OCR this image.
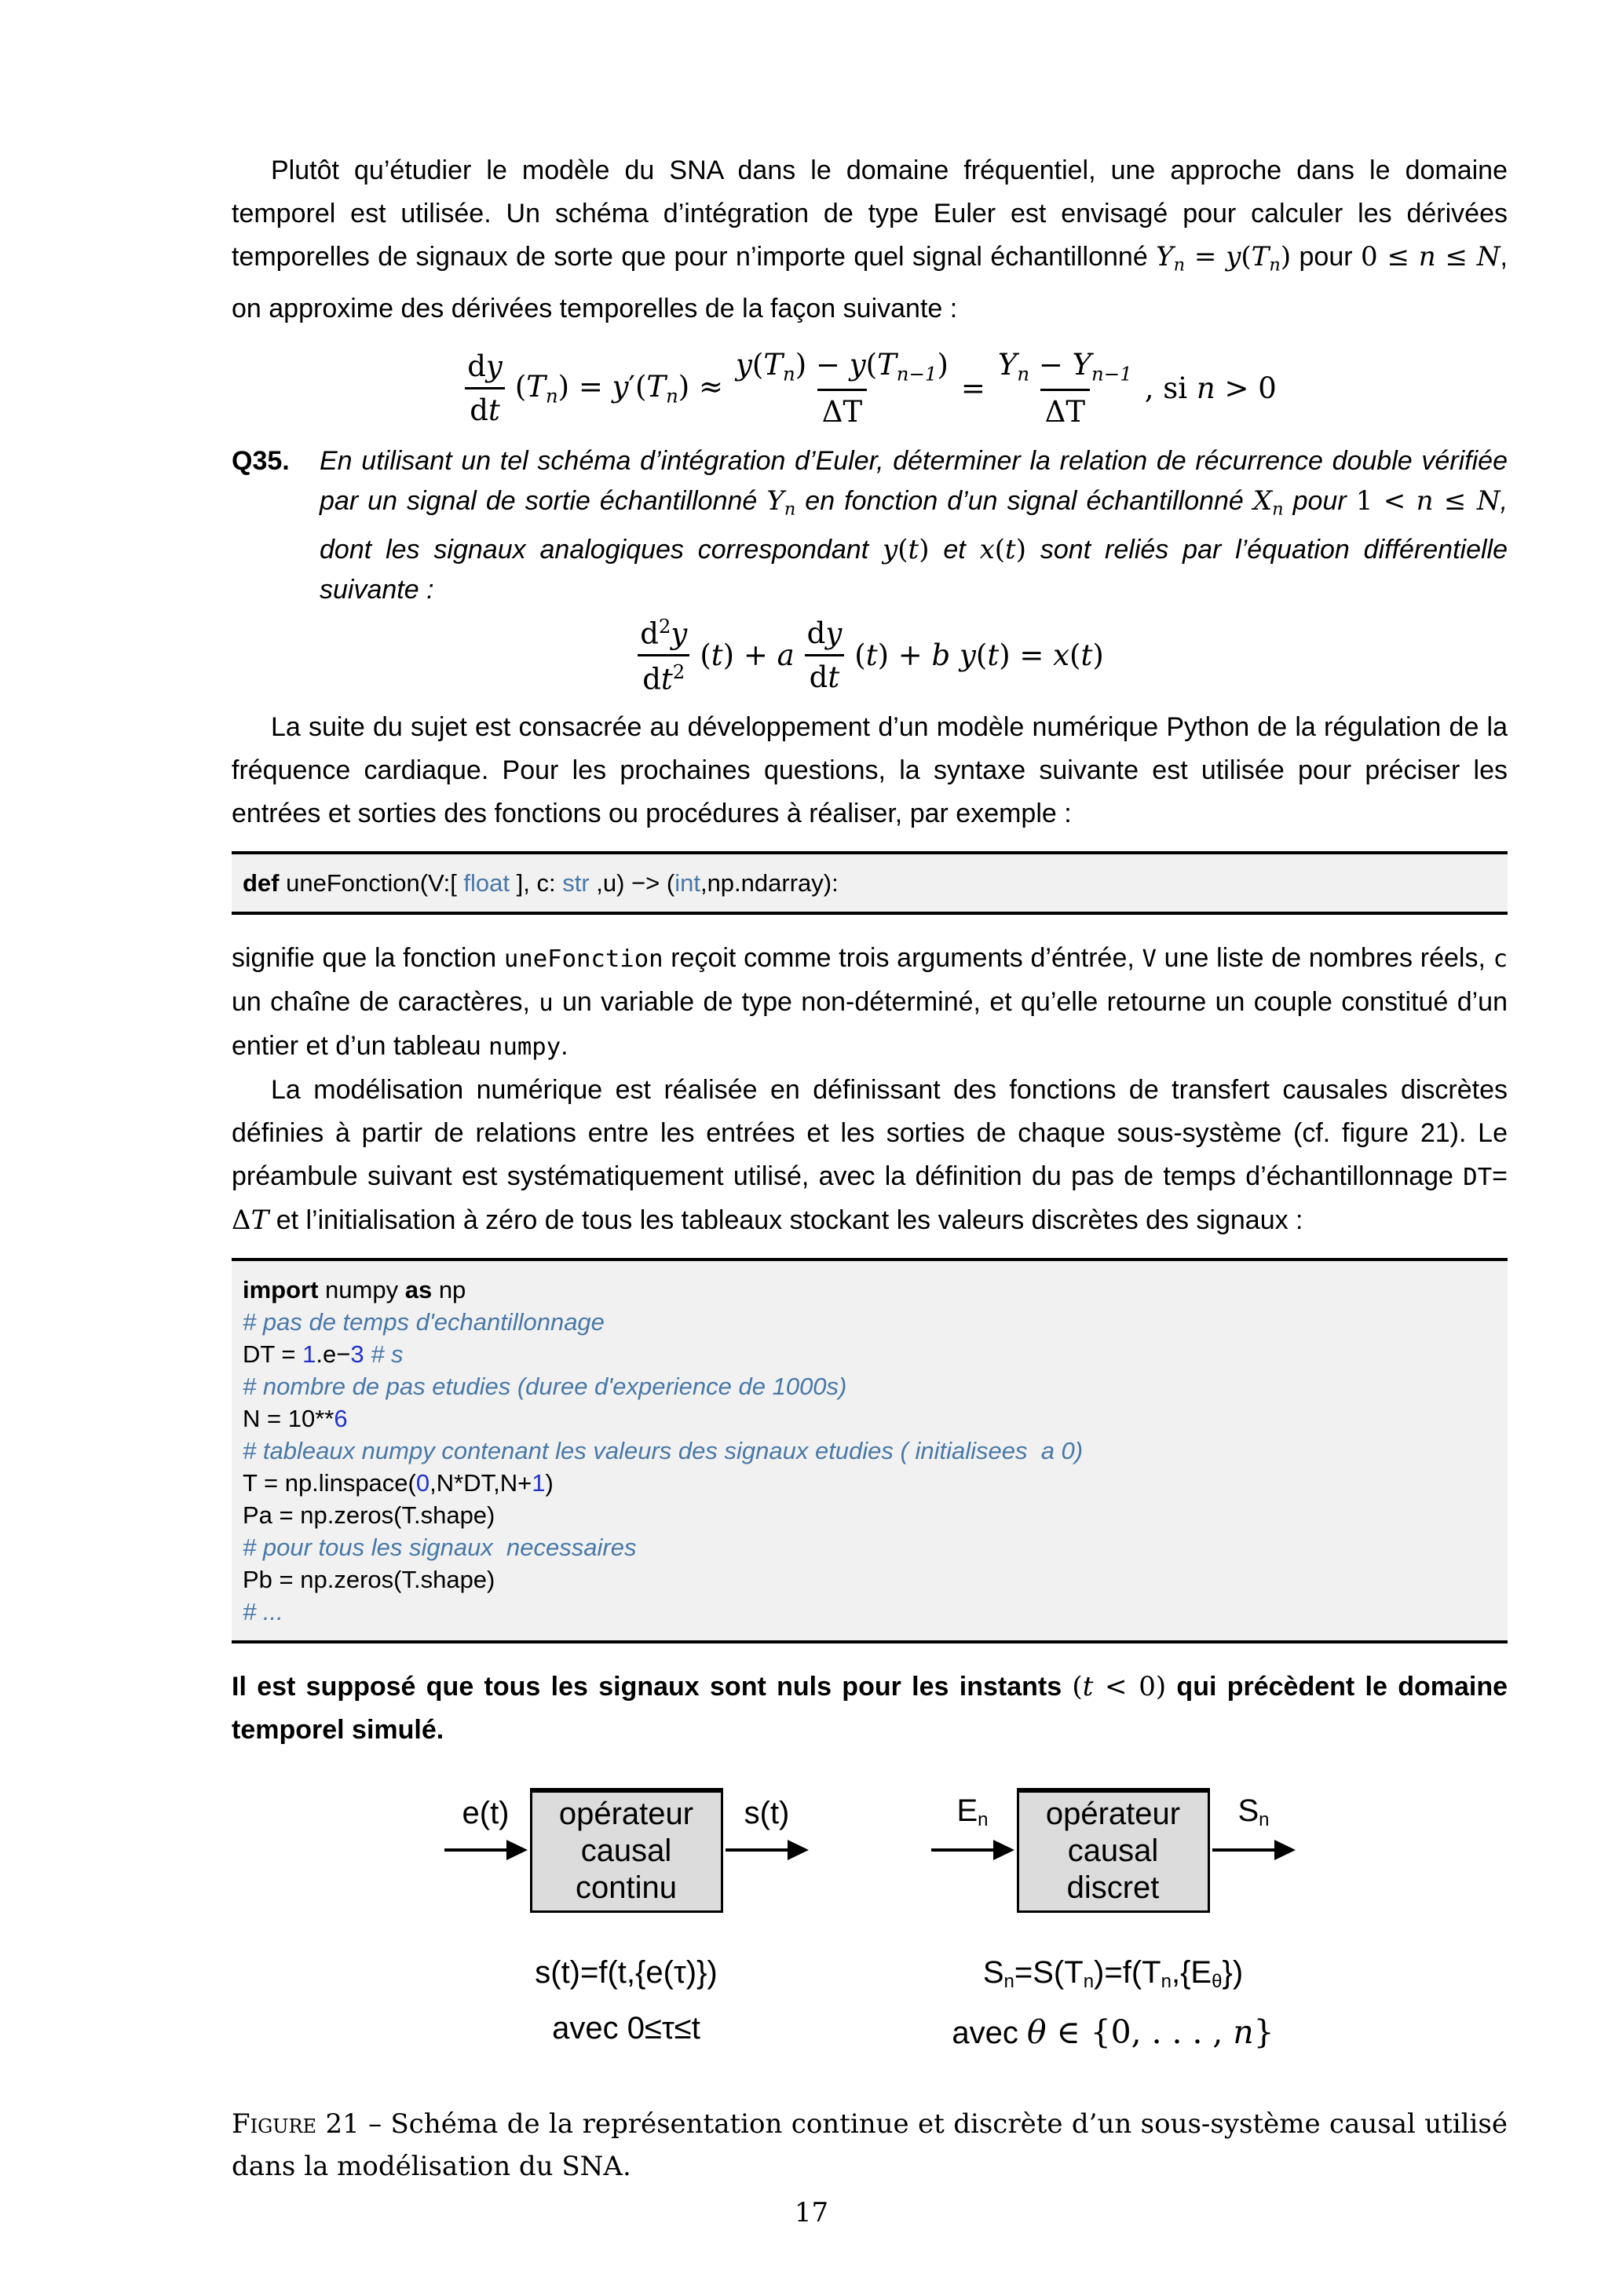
Plutôt qu’étudier le modèle du SNA dans le domaine fréquentiel, une approche dans le domaine temporel est utilisée. Un schéma d’intégration de type Euler est envisagé pour calculer les dérivées temporelles de signaux de sorte que pour n’importe quel signal échantillonné $Y_n = y(T_n)$ pour 0 ≤ n ≤ N, on approxime des dérivées temporelles de la façon suivante :

$\frac{dy}{dt} (T_n) = y'(T_n) \approx \frac{y(T_n) - y(T_{n-1})}{\Delta T} = \frac{Y_n - Y_{n-1}}{\Delta T}$ , si n > 0
Q35.	En utilisant un tel schéma d’intégration d’Euler, déterminer la relation de récurrence double vérifiée par un signal de sortie échantillonné $Y_n$ en fonction d’un signal échantillonné $X_n$ pour 1 < n ≤ N, dont les signaux analogiques correspondant y(t) et x(t) sont reliés par l’équation différentielle suivante :
$\frac{d^2y}{dt^2} (t) + a \frac{dy}{dt} (t) + b$ y(t) = x(t)

La suite du sujet est consacrée au développement d’un modèle numérique Python de la régulation de la fréquence cardiaque. Pour les prochaines questions, la syntaxe suivante est utilisée pour préciser les entrées et sorties des fonctions ou procédures à réaliser, par exemple :

def uneFonction(V:[ float ], c: str ,u) −> (int,np.ndarray):

signifie que la fonction uneFonction reçoit comme trois arguments d’éntrée, V une liste de nombres réels, c un chaîne de caractères, u un variable de type non-déterminé, et qu’elle retourne un couple constitué d’un entier et d’un tableau numpy.

La modélisation numérique est réalisée en définissant des fonctions de transfert causales discrètes définies à partir de relations entre les entrées et les sorties de chaque sous-système (cf. figure 21). Le préambule suivant est systématiquement utilisé, avec la définition du pas de temps d’échantillonnage DT= ΔT et l’initialisation à zéro de tous les tableaux stockant les valeurs discrètes des signaux :

import numpy as np
# pas de temps d'echantillonnage
DT = 1.e−3 # s
# nombre de pas etudies (duree d'experience de 1000s)
N = 10**6
# tableaux numpy contenant les valeurs des signaux etudies ( initialisees  a 0)
T = np.linspace(0,N*DT,N+1)
Pa = np.zeros(T.shape)
# pour tous les signaux  necessaires
Pb = np.zeros(T.shape)
# ...

Il est supposé que tous les signaux sont nuls pour les instants (t < 0) qui précèdent le domaine temporel simulé.

e(t)	opérateur
causal
continu
s(t)
s(t)=f(t,{e(τ)})
avec 0≤τ≤t
En	opérateur
causal
discret
Sn
Sn=S(Tn)=f(Tn,{Eθ})
avec θ ∈ {0, . . . , n}

Figure 21 – Schéma de la représentation continue et discrète d’un sous-système causal utilisé dans la modélisation du SNA.

17
